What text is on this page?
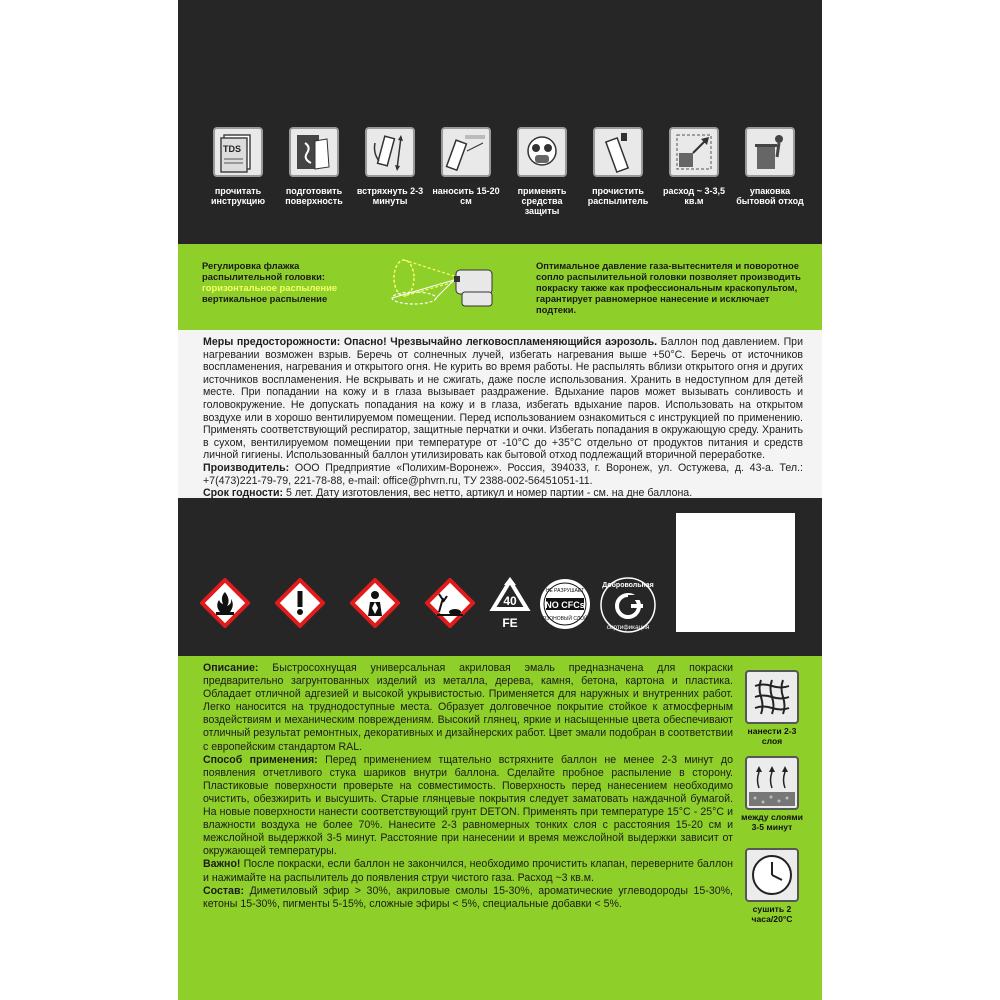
TDS
прочитать инструкцию
подготовить поверхность
встряхнуть 2-3 минуты
наносить 15-20 см
применять средства защиты
прочистить распылитель
расход ~ 3-3,5 кв.м
упаковка бытовой отход
Регулировка флажка распылительной головки:
горизонтальное распыление
вертикальное распыление
Оптимальное давление газа-вытеснителя и поворотное сопло распылительной головки позволяет производить покраску также как профессиональным краскопультом, гарантирует равномерное нанесение и исключает подтеки.
Меры предосторожности: Опасно! Чрезвычайно легковоспламеняющийся аэрозоль. Баллон под давлением. При нагревании возможен взрыв. Беречь от солнечных лучей, избегать нагревания выше +50°С. Беречь от источников воспламенения, нагревания и открытого огня. Не курить во время работы. Не распылять вблизи открытого огня и других источников воспламенения. Не вскрывать и не сжигать, даже после использования. Хранить в недоступном для детей месте. При попадании на кожу и в глаза вызывает раздражение. Вдыхание паров может вызывать сонливость и головокружение. Не допускать попадания на кожу и в глаза, избегать вдыхание паров. Использовать на открытом воздухе или в хорошо вентилируемом помещении. Перед использованием ознакомиться с инструкцией по применению. Применять соответствующий респиратор, защитные перчатки и очки. Избегать попадания в окружающую среду. Хранить в сухом, вентилируемом помещении при температуре от -10°С до +35°С отдельно от продуктов питания и средств личной гигиены. Использованный баллон утилизировать как бытовой отход подлежащий вторичной переработке.
Производитель: ООО Предприятие «Полихим-Воронеж». Россия, 394033, г. Воронеж, ул. Остужева, д. 43-а. Тел.: +7(473)221-79-79, 221-78-88, e-mail: office@phvrn.ru, ТУ 2388-002-56451051-11.
Срок годности: 5 лет. Дату изготовления, вес нетто, артикул и номер партии - см. на дне баллона.
40
FE
НЕ РАЗРУШАЕТ
NO CFCs
ОЗОНОВЫЙ СЛОЙ
Добровольная
сертификация
Описание: Быстросохнущая универсальная акриловая эмаль предназначена для покраски предварительно загрунтованных изделий из металла, дерева, камня, бетона, картона и пластика. Обладает отличной адгезией и высокой укрывистостью. Применяется для наружных и внутренних работ. Легко наносится на труднодоступные места. Образует долговечное покрытие стойкое к атмосферным воздействиям и механическим повреждениям. Высокий глянец, яркие и насыщенные цвета обеспечивают отличный результат ремонтных, декоративных и дизайнерских работ. Цвет эмали подобран в соответствии с европейским стандартом RAL.
Способ применения: Перед применением тщательно встряхните баллон не менее 2-3 минут до появления отчетливого стука шариков внутри баллона. Сделайте пробное распыление в сторону. Пластиковые поверхности проверьте на совместимость. Поверхность перед нанесением необходимо очистить, обезжирить и высушить. Старые глянцевые покрытия следует заматовать наждачной бумагой. На новые поверхности нанести соответствующий грунт DETON. Применять при температуре 15°С - 25°С и влажности воздуха не более 70%. Нанесите 2-3 равномерных тонких слоя с расстояния 15-20 см и межслойной выдержкой 3-5 минут. Расстояние при нанесении и время межслойной выдержки зависит от окружающей температуры.
Важно! После покраски, если баллон не закончился, необходимо прочистить клапан, переверните баллон и нажимайте на распылитель до появления струи чистого газа. Расход ~3 кв.м.
Состав: Диметиловый эфир > 30%, акриловые смолы 15-30%, ароматические углеводороды 15-30%, кетоны 15-30%, пигменты 5-15%, сложные эфиры < 5%, специальные добавки < 5%.
нанести 2-3 слоя
между слоями 3-5 минут
сушить 2 часа/20°С
